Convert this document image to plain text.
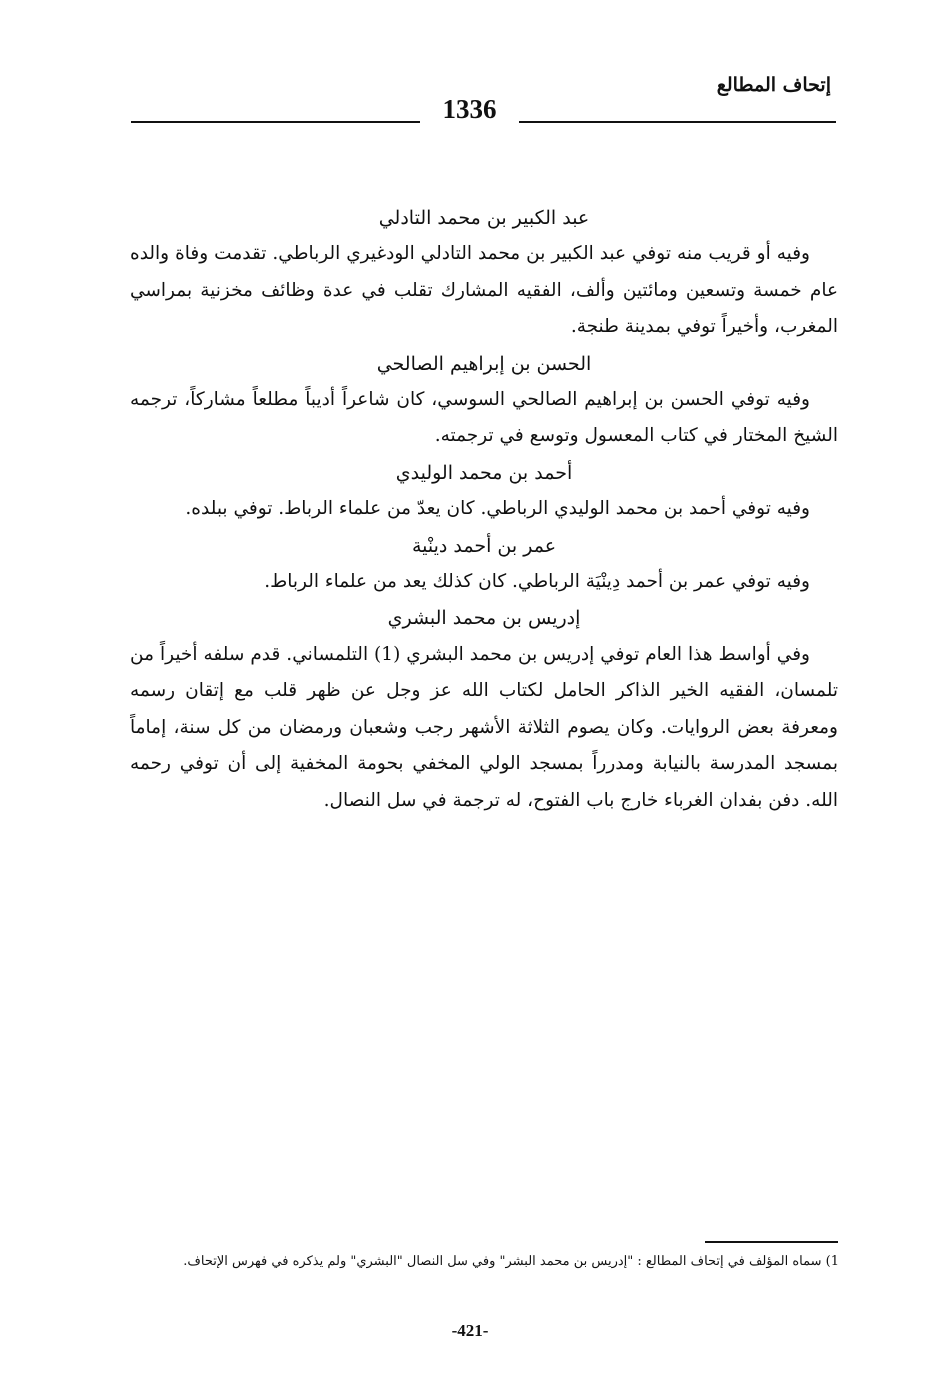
إتحاف المطالع
1336
عبد الكبير بن محمد التادلي

وفيه أو قريب منه توفي عبد الكبير بن محمد التادلي الودغيري الرباطي. تقدمت وفاة والده عام خمسة وتسعين ومائتين وألف، الفقيه المشارك تقلب في عدة وظائف مخزنية بمراسي المغرب، وأخيراً توفي بمدينة طنجة.

الحسن بن إبراهيم الصالحي

وفيه توفي الحسن بن إبراهيم الصالحي السوسي، كان شاعراً أديباً مطلعاً مشاركاً، ترجمه الشيخ المختار في كتاب المعسول وتوسع في ترجمته.

أحمد بن محمد الوليدي

وفيه توفي أحمد بن محمد الوليدي الرباطي. كان يعدّ من علماء الرباط. توفي ببلده.

عمر بن أحمد دينْية

وفيه توفي عمر بن أحمد دِينْيَة الرباطي. كان كذلك يعد من علماء الرباط.

إدريس بن محمد البشري

وفي أواسط هذا العام توفي إدريس بن محمد البشري (1) التلمساني. قدم سلفه أخيراً من تلمسان، الفقيه الخير الذاكر الحامل لكتاب الله عز وجل عن ظهر قلب مع إتقان رسمه ومعرفة بعض الروايات. وكان يصوم الثلاثة الأشهر رجب وشعبان ورمضان من كل سنة، إماماً بمسجد المدرسة بالنيابة ومدرراً بمسجد الولي المخفي بحومة المخفية إلى أن توفي رحمه الله. دفن بفدان الغرباء خارج باب الفتوح، له ترجمة في سل النصال.

1) سماه المؤلف في إتحاف المطالع : "إدريس بن محمد البشر" وفي سل النصال "البشري" ولم يذكره في فهرس الإتحاف.
-421-
